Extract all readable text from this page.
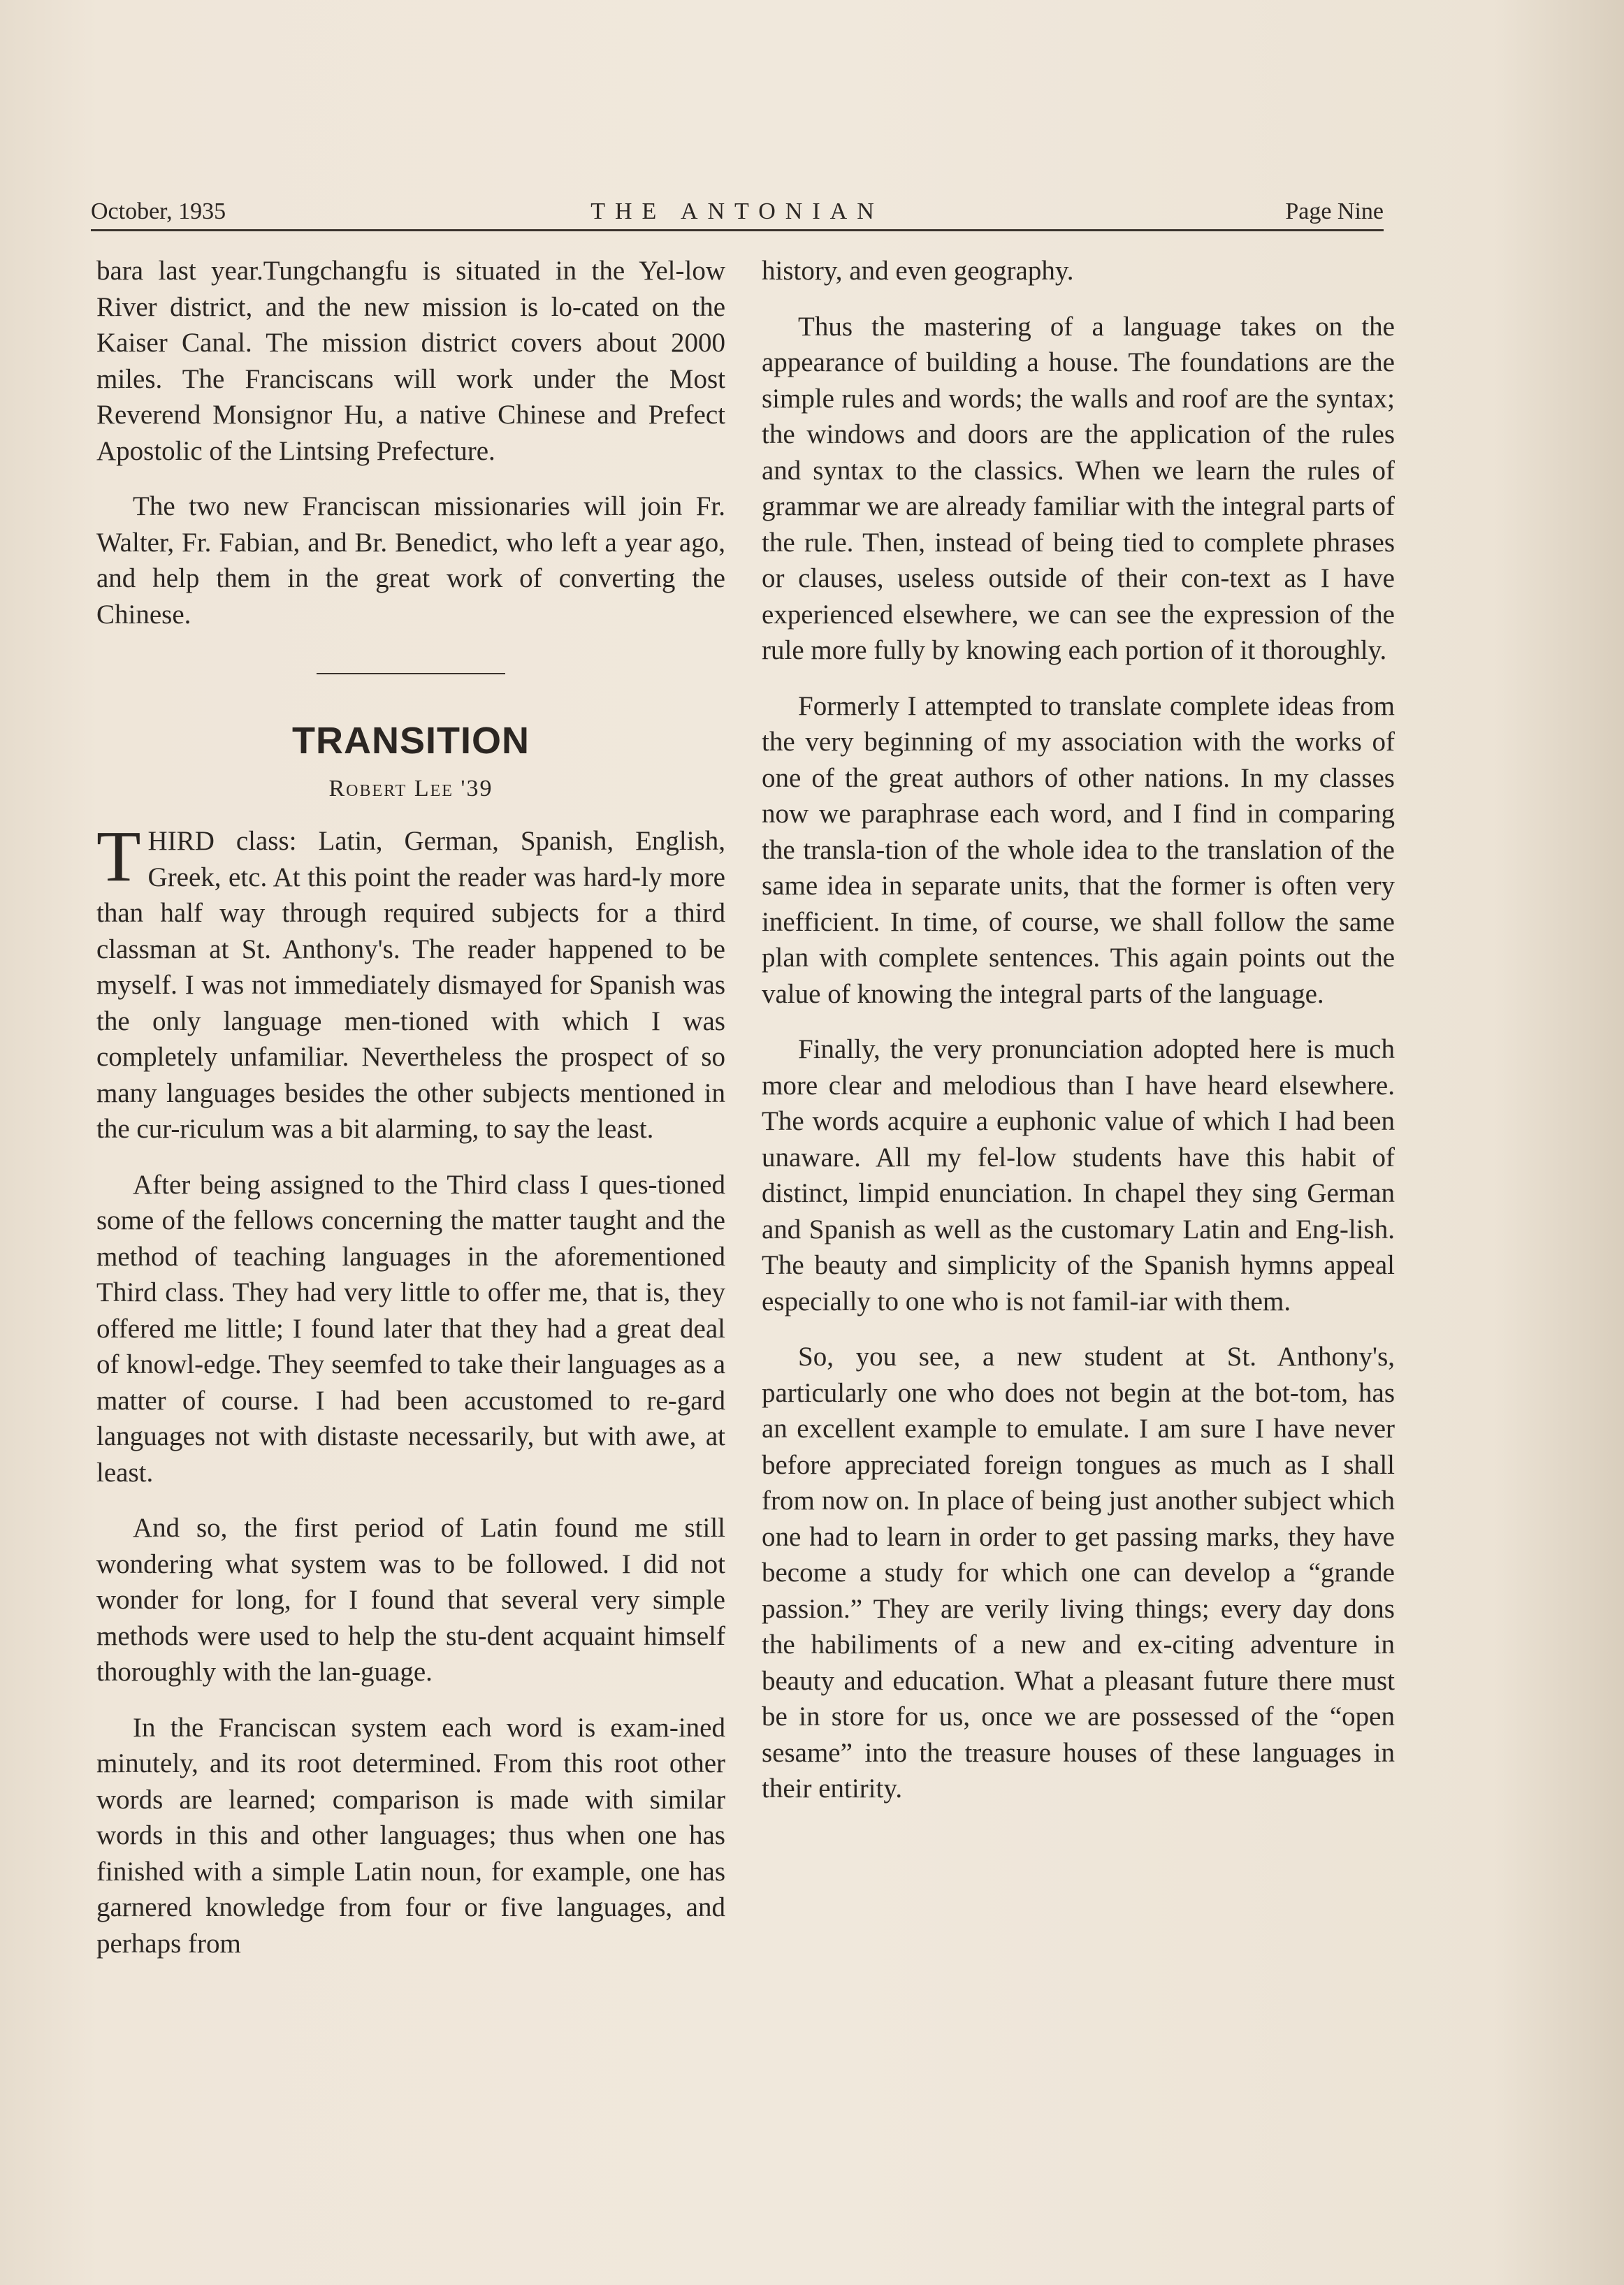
October, 1935	THE ANTONIAN	Page Nine

bara last year.Tungchangfu is situated in the Yel-low River district, and the new mission is lo-cated on the Kaiser Canal. The mission district covers about 2000 miles. The Franciscans will work under the Most Reverend Monsignor Hu, a native Chinese and Prefect Apostolic of the Lintsing Prefecture.

The two new Franciscan missionaries will join Fr. Walter, Fr. Fabian, and Br. Benedict, who left a year ago, and help them in the great work of converting the Chinese.

TRANSITION
Robert Lee '39

THIRD class: Latin, German, Spanish, English, Greek, etc. At this point the reader was hard-ly more than half way through required subjects for a third classman at St. Anthony's. The reader happened to be myself. I was not immediately dismayed for Spanish was the only language men-tioned with which I was completely unfamiliar. Nevertheless the prospect of so many languages besides the other subjects mentioned in the cur-riculum was a bit alarming, to say the least.

After being assigned to the Third class I ques-tioned some of the fellows concerning the matter taught and the method of teaching languages in the aforementioned Third class. They had very little to offer me, that is, they offered me little; I found later that they had a great deal of knowl-edge. They seemfed to take their languages as a matter of course. I had been accustomed to re-gard languages not with distaste necessarily, but with awe, at least.

And so, the first period of Latin found me still wondering what system was to be followed. I did not wonder for long, for I found that several very simple methods were used to help the stu-dent acquaint himself thoroughly with the lan-guage.

In the Franciscan system each word is exam-ined minutely, and its root determined. From this root other words are learned; comparison is made with similar words in this and other languages; thus when one has finished with a simple Latin noun, for example, one has garnered knowledge from four or five languages, and perhaps from

history, and even geography.

Thus the mastering of a language takes on the appearance of building a house. The foundations are the simple rules and words; the walls and roof are the syntax; the windows and doors are the application of the rules and syntax to the classics. When we learn the rules of grammar we are already familiar with the integral parts of the rule. Then, instead of being tied to complete phrases or clauses, useless outside of their con-text as I have experienced elsewhere, we can see the expression of the rule more fully by knowing each portion of it thoroughly.

Formerly I attempted to translate complete ideas from the very beginning of my association with the works of one of the great authors of other nations. In my classes now we paraphrase each word, and I find in comparing the transla-tion of the whole idea to the translation of the same idea in separate units, that the former is often very inefficient. In time, of course, we shall follow the same plan with complete sentences. This again points out the value of knowing the integral parts of the language.

Finally, the very pronunciation adopted here is much more clear and melodious than I have heard elsewhere. The words acquire a euphonic value of which I had been unaware. All my fel-low students have this habit of distinct, limpid enunciation. In chapel they sing German and Spanish as well as the customary Latin and Eng-lish. The beauty and simplicity of the Spanish hymns appeal especially to one who is not famil-iar with them.

So, you see, a new student at St. Anthony's, particularly one who does not begin at the bot-tom, has an excellent example to emulate. I am sure I have never before appreciated foreign tongues as much as I shall from now on. In place of being just another subject which one had to learn in order to get passing marks, they have become a study for which one can develop a “grande passion.” They are verily living things; every day dons the habiliments of a new and ex-citing adventure in beauty and education. What a pleasant future there must be in store for us, once we are possessed of the “open sesame” into the treasure houses of these languages in their entirity.
